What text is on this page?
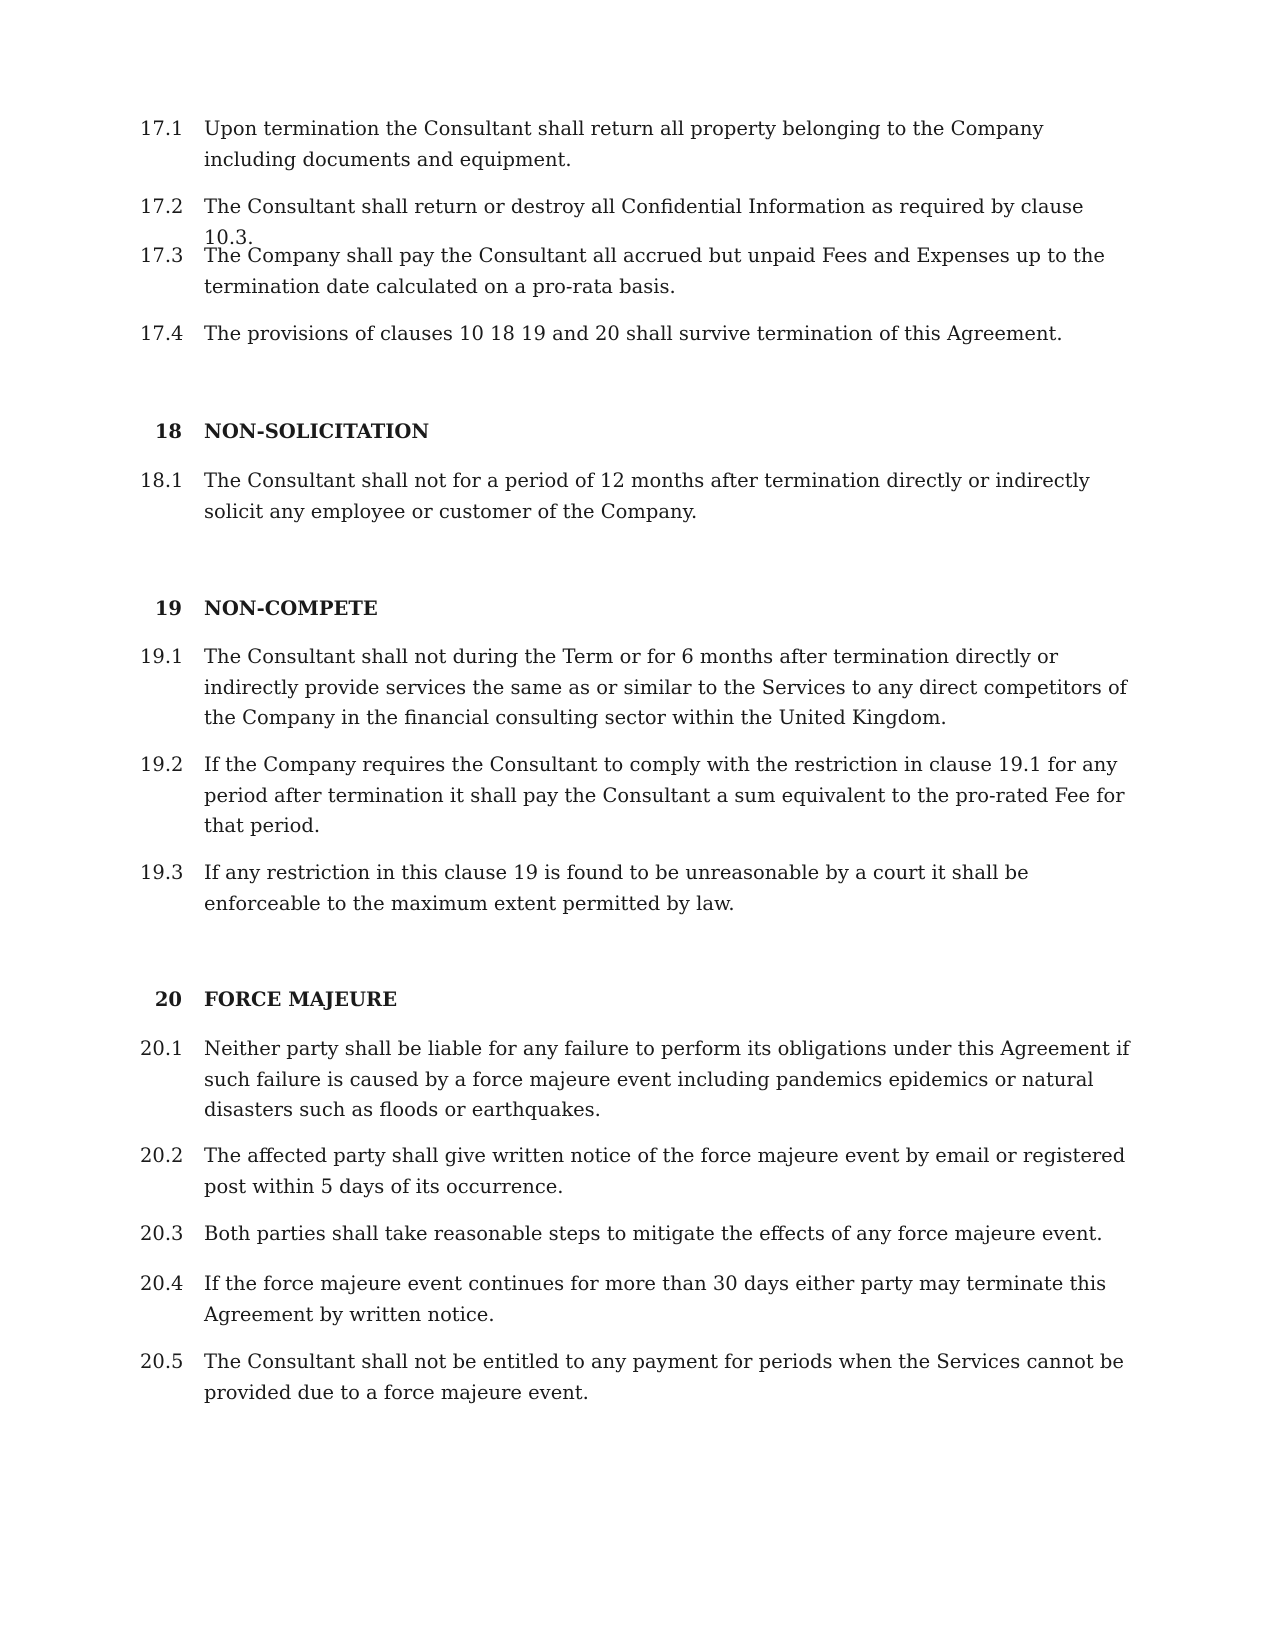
17.1	Upon termination the Consultant shall return all property belonging to the Company including documents and equipment.
17.2	The Consultant shall return or destroy all Confidential Information as required by clause 10.3.
17.3	The Company shall pay the Consultant all accrued but unpaid Fees and Expenses up to the termination date calculated on a pro-rata basis.
17.4	The provisions of clauses 10 18 19 and 20 shall survive termination of this Agreement.
18 NON-SOLICITATION
18.1	The Consultant shall not for a period of 12 months after termination directly or indirectly solicit any employee or customer of the Company.
19 NON-COMPETE
19.1	The Consultant shall not during the Term or for 6 months after termination directly or indirectly provide services the same as or similar to the Services to any direct competitors of the Company in the financial consulting sector within the United Kingdom.
19.2	If the Company requires the Consultant to comply with the restriction in clause 19.1 for any period after termination it shall pay the Consultant a sum equivalent to the pro-rated Fee for that period.
19.3	If any restriction in this clause 19 is found to be unreasonable by a court it shall be enforceable to the maximum extent permitted by law.
20 FORCE MAJEURE
20.1	Neither party shall be liable for any failure to perform its obligations under this Agreement if such failure is caused by a force majeure event including pandemics epidemics or natural disasters such as floods or earthquakes.
20.2	The affected party shall give written notice of the force majeure event by email or registered post within 5 days of its occurrence.
20.3	Both parties shall take reasonable steps to mitigate the effects of any force majeure event.
20.4	If the force majeure event continues for more than 30 days either party may terminate this Agreement by written notice.
20.5	The Consultant shall not be entitled to any payment for periods when the Services cannot be provided due to a force majeure event.
